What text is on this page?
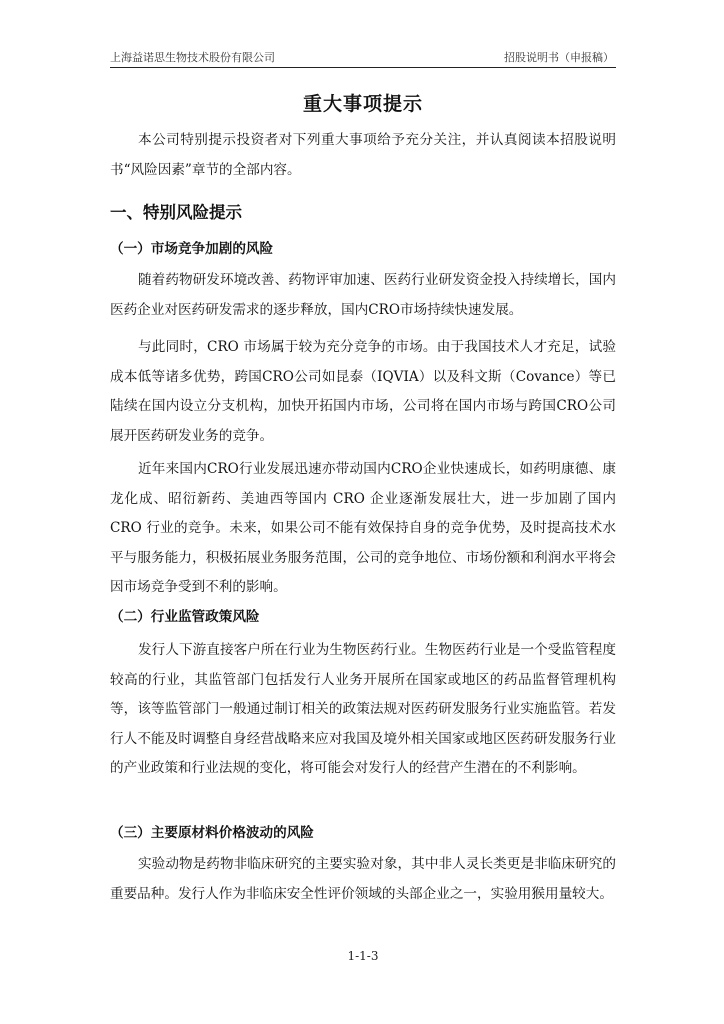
上海益诺思生物技术股份有限公司	招股说明书（申报稿）
重大事项提示
本公司特别提示投资者对下列重大事项给予充分关注，并认真阅读本招股说明书“风险因素”章节的全部内容。
一、特别风险提示
（一）市场竞争加剧的风险
随着药物研发环境改善、药物评审加速、医药行业研发资金投入持续增长，国内医药企业对医药研发需求的逐步释放，国内CRO市场持续快速发展。
与此同时，CRO 市场属于较为充分竞争的市场。由于我国技术人才充足，试验成本低等诸多优势，跨国CRO公司如昆泰（IQVIA）以及科文斯（Covance）等已陆续在国内设立分支机构，加快开拓国内市场，公司将在国内市场与跨国CRO公司展开医药研发业务的竞争。
近年来国内CRO行业发展迅速亦带动国内CRO企业快速成长，如药明康德、康龙化成、昭衍新药、美迪西等国内 CRO 企业逐渐发展壮大，进一步加剧了国内 CRO 行业的竞争。未来，如果公司不能有效保持自身的竞争优势，及时提高技术水平与服务能力，积极拓展业务服务范围，公司的竞争地位、市场份额和利润水平将会因市场竞争受到不利的影响。
（二）行业监管政策风险
发行人下游直接客户所在行业为生物医药行业。生物医药行业是一个受监管程度较高的行业，其监管部门包括发行人业务开展所在国家或地区的药品监督管理机构等，该等监管部门一般通过制订相关的政策法规对医药研发服务行业实施监管。若发行人不能及时调整自身经营战略来应对我国及境外相关国家或地区医药研发服务行业的产业政策和行业法规的变化，将可能会对发行人的经营产生潜在的不利影响。
（三）主要原材料价格波动的风险
实验动物是药物非临床研究的主要实验对象，其中非人灵长类更是非临床研究的重要品种。发行人作为非临床安全性评价领域的头部企业之一，实验用猴用量较大。
1-1-3
